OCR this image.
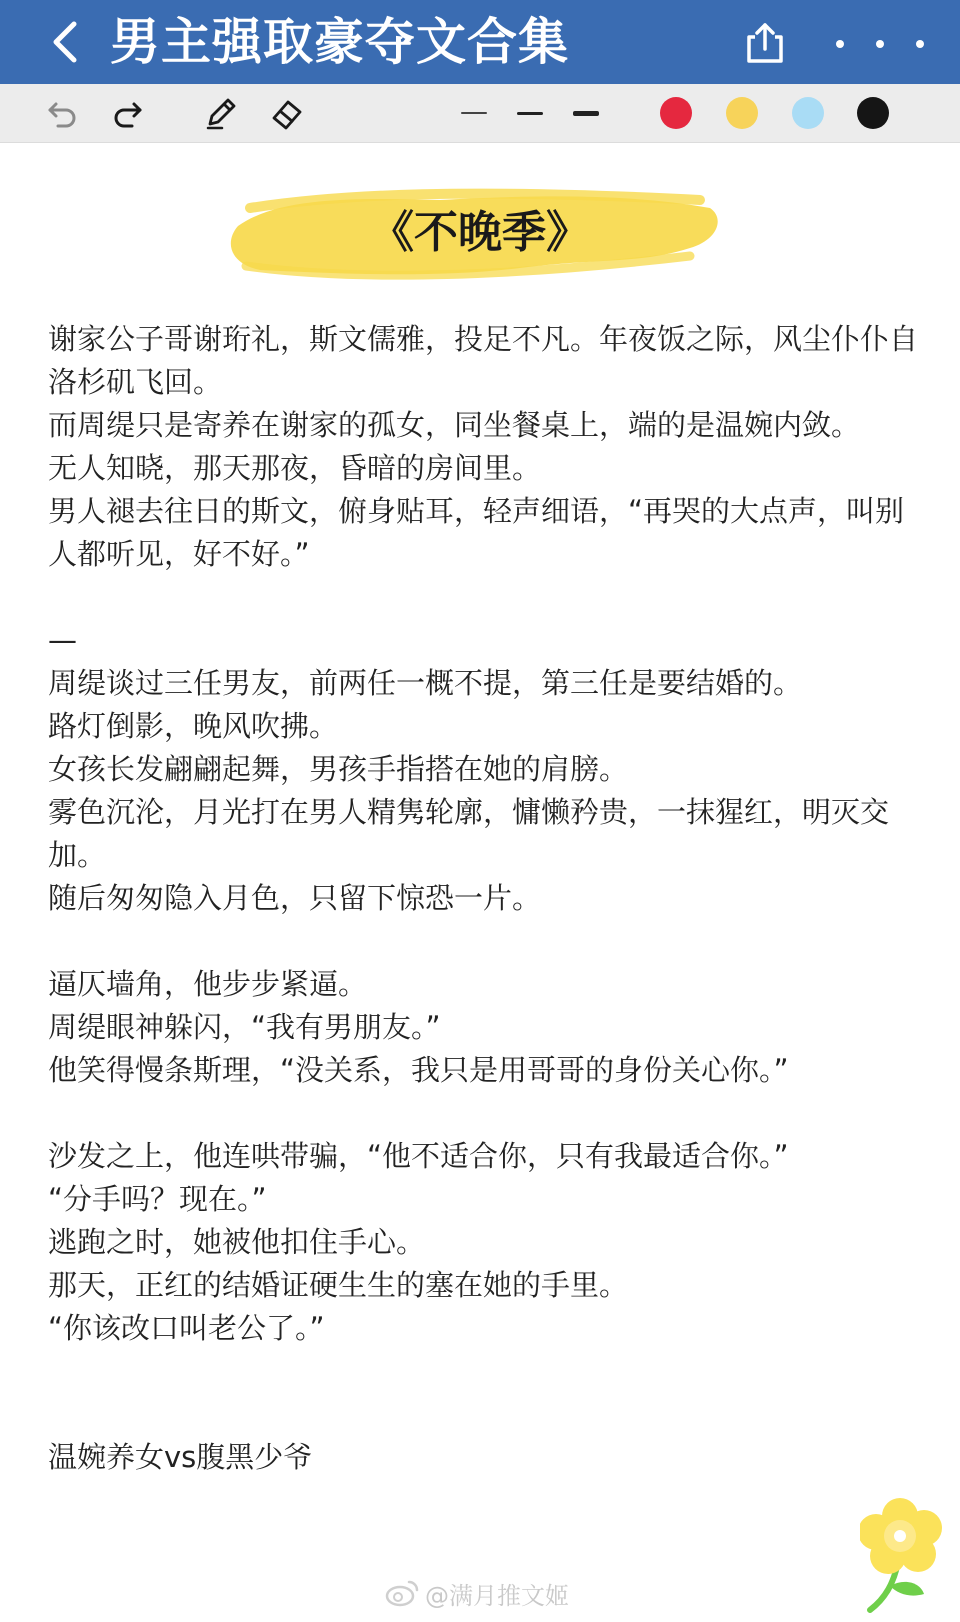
男主强取豪夺文合集
《不晚季》

谢家公子哥谢珩礼，斯文儒雅，投足不凡。年夜饭之际，风尘仆仆自洛杉矶飞回。

而周缇只是寄养在谢家的孤女，同坐餐桌上，端的是温婉内敛。

无人知晓，那天那夜，昏暗的房间里。

男人褪去往日的斯文，俯身贴耳，轻声细语，“再哭的大点声，叫别人都听见，好不好。”

—

周缇谈过三任男友，前两任一概不提，第三任是要结婚的。

路灯倒影，晚风吹拂。

女孩长发翩翩起舞，男孩手指搭在她的肩膀。

雾色沉沦，月光打在男人精隽轮廓，慵懒矜贵，一抹猩红，明灭交加。

随后匆匆隐入月色，只留下惊恐一片。

逼仄墙角，他步步紧逼。

周缇眼神躲闪，“我有男朋友。”

他笑得慢条斯理，“没关系，我只是用哥哥的身份关心你。”

沙发之上，他连哄带骗，“他不适合你，只有我最适合你。”

“分手吗？现在。”

逃跑之时，她被他扣住手心。

那天，正红的结婚证硬生生的塞在她的手里。

“你该改口叫老公了。”

温婉养女vs腹黑少爷

@满月推文姬
